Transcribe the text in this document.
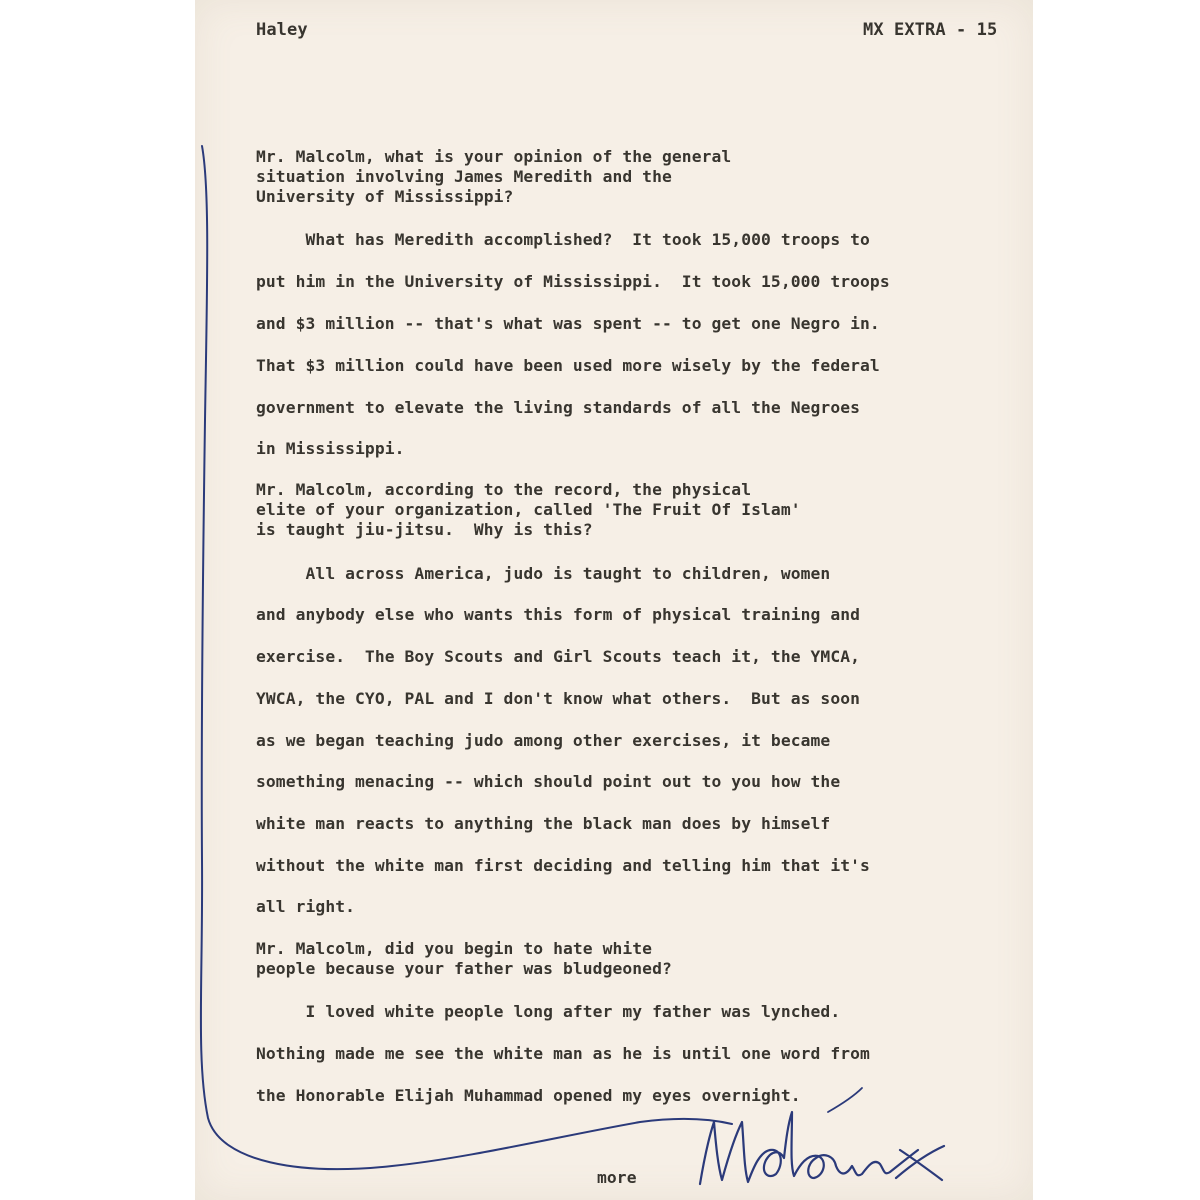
Haley	MX EXTRA - 15
Mr. Malcolm, what is your opinion of the general
situation involving James Meredith and the
University of Mississippi?
What has Meredith accomplished?  It took 15,000 troops to
put him in the University of Mississippi.  It took 15,000 troops
and $3 million -- that's what was spent -- to get one Negro in.
That $3 million could have been used more wisely by the federal
government to elevate the living standards of all the Negroes
in Mississippi.
Mr. Malcolm, according to the record, the physical
elite of your organization, called 'The Fruit Of Islam'
is taught jiu-jitsu.  Why is this?
All across America, judo is taught to children, women
and anybody else who wants this form of physical training and
exercise.  The Boy Scouts and Girl Scouts teach it, the YMCA,
YWCA, the CYO, PAL and I don't know what others.  But as soon
as we began teaching judo among other exercises, it became
something menacing -- which should point out to you how the
white man reacts to anything the black man does by himself
without the white man first deciding and telling him that it's
all right.
Mr. Malcolm, did you begin to hate white
people because your father was bludgeoned?
I loved white people long after my father was lynched.
Nothing made me see the white man as he is until one word from
the Honorable Elijah Muhammad opened my eyes overnight.
more
